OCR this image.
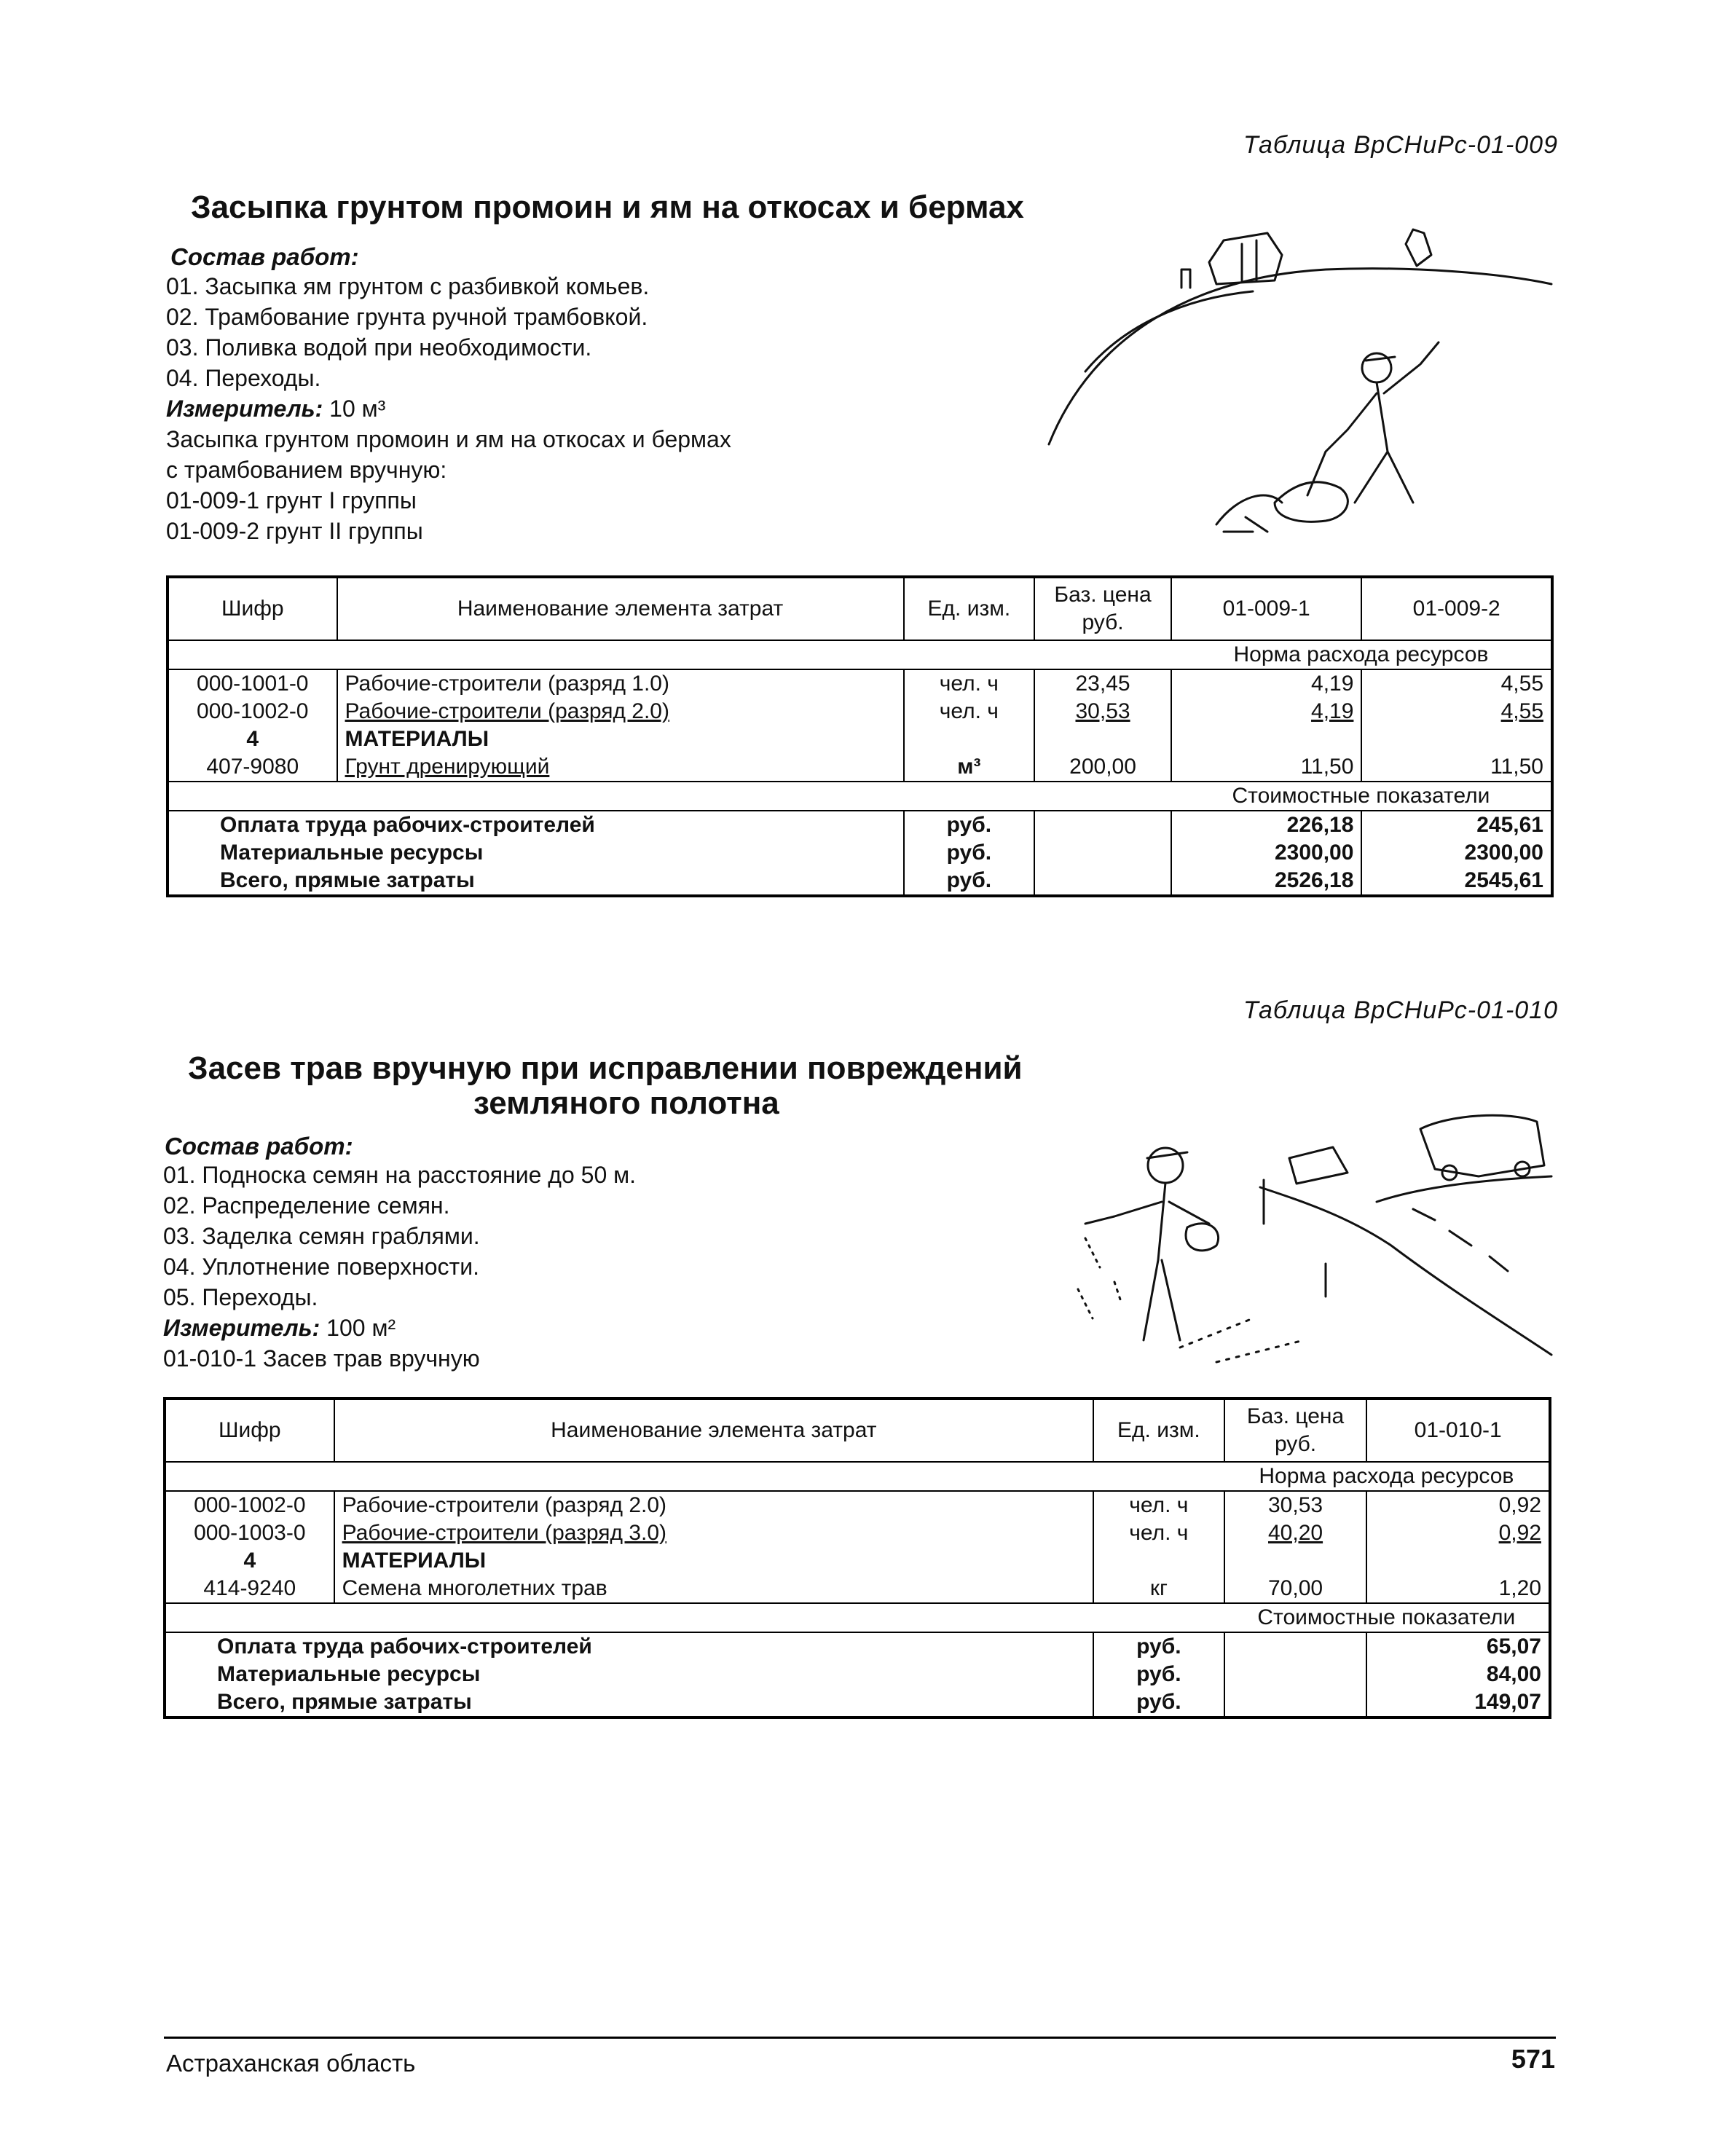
Таблица ВрСНиРс-01-009
Засыпка грунтом промоин и ям на откосах и бермах
Состав работ:
01. Засыпка ям грунтом с разбивкой комьев.
02. Трамбование грунта ручной трамбовкой.
03. Поливка водой при необходимости.
04. Переходы.
Измеритель: 10 м³
Засыпка грунтом промоин и ям на откосах и бермах
с трамбованием вручную:
01-009-1 грунт I группы
01-009-2 грунт II группы
Шифр	Наименование элемента затрат	Ед. изм.	Баз. цена руб.	01-009-1	01-009-2
				Норма расхода ресурсов	
000-1001-0	Рабочие-строители (разряд 1.0)	чел. ч	23,45	4,19	4,55
000-1002-0	Рабочие-строители (разряд 2.0)	чел. ч	30,53	4,19	4,55
4	МАТЕРИАЛЫ				
407-9080	Грунт дренирующий	м³	200,00	11,50	11,50
				Стоимостные показатели	
Оплата труда рабочих-строителей		руб.		226,18	245,61
Материальные ресурсы		руб.		2300,00	2300,00
Всего, прямые затраты		руб.		2526,18	2545,61
Таблица ВрСНиРс-01-010
Засев трав вручную при исправлении повреждений
земляного полотна
Состав работ:
01. Подноска семян на расстояние до 50 м.
02. Распределение семян.
03. Заделка семян граблями.
04. Уплотнение поверхности.
05. Переходы.
Измеритель: 100 м²
01-010-1 Засев трав вручную
Шифр	Наименование элемента затрат	Ед. изм.	Баз. цена руб.	01-010-1
			Норма расхода ресурсов	
000-1002-0	Рабочие-строители (разряд 2.0)	чел. ч	30,53	0,92
000-1003-0	Рабочие-строители (разряд 3.0)	чел. ч	40,20	0,92
4	МАТЕРИАЛЫ			
414-9240	Семена многолетних трав	кг	70,00	1,20
			Стоимостные показатели	
Оплата труда рабочих-строителей		руб.		65,07
Материальные ресурсы		руб.		84,00
Всего, прямые затраты		руб.		149,07
Астраханская область	571
